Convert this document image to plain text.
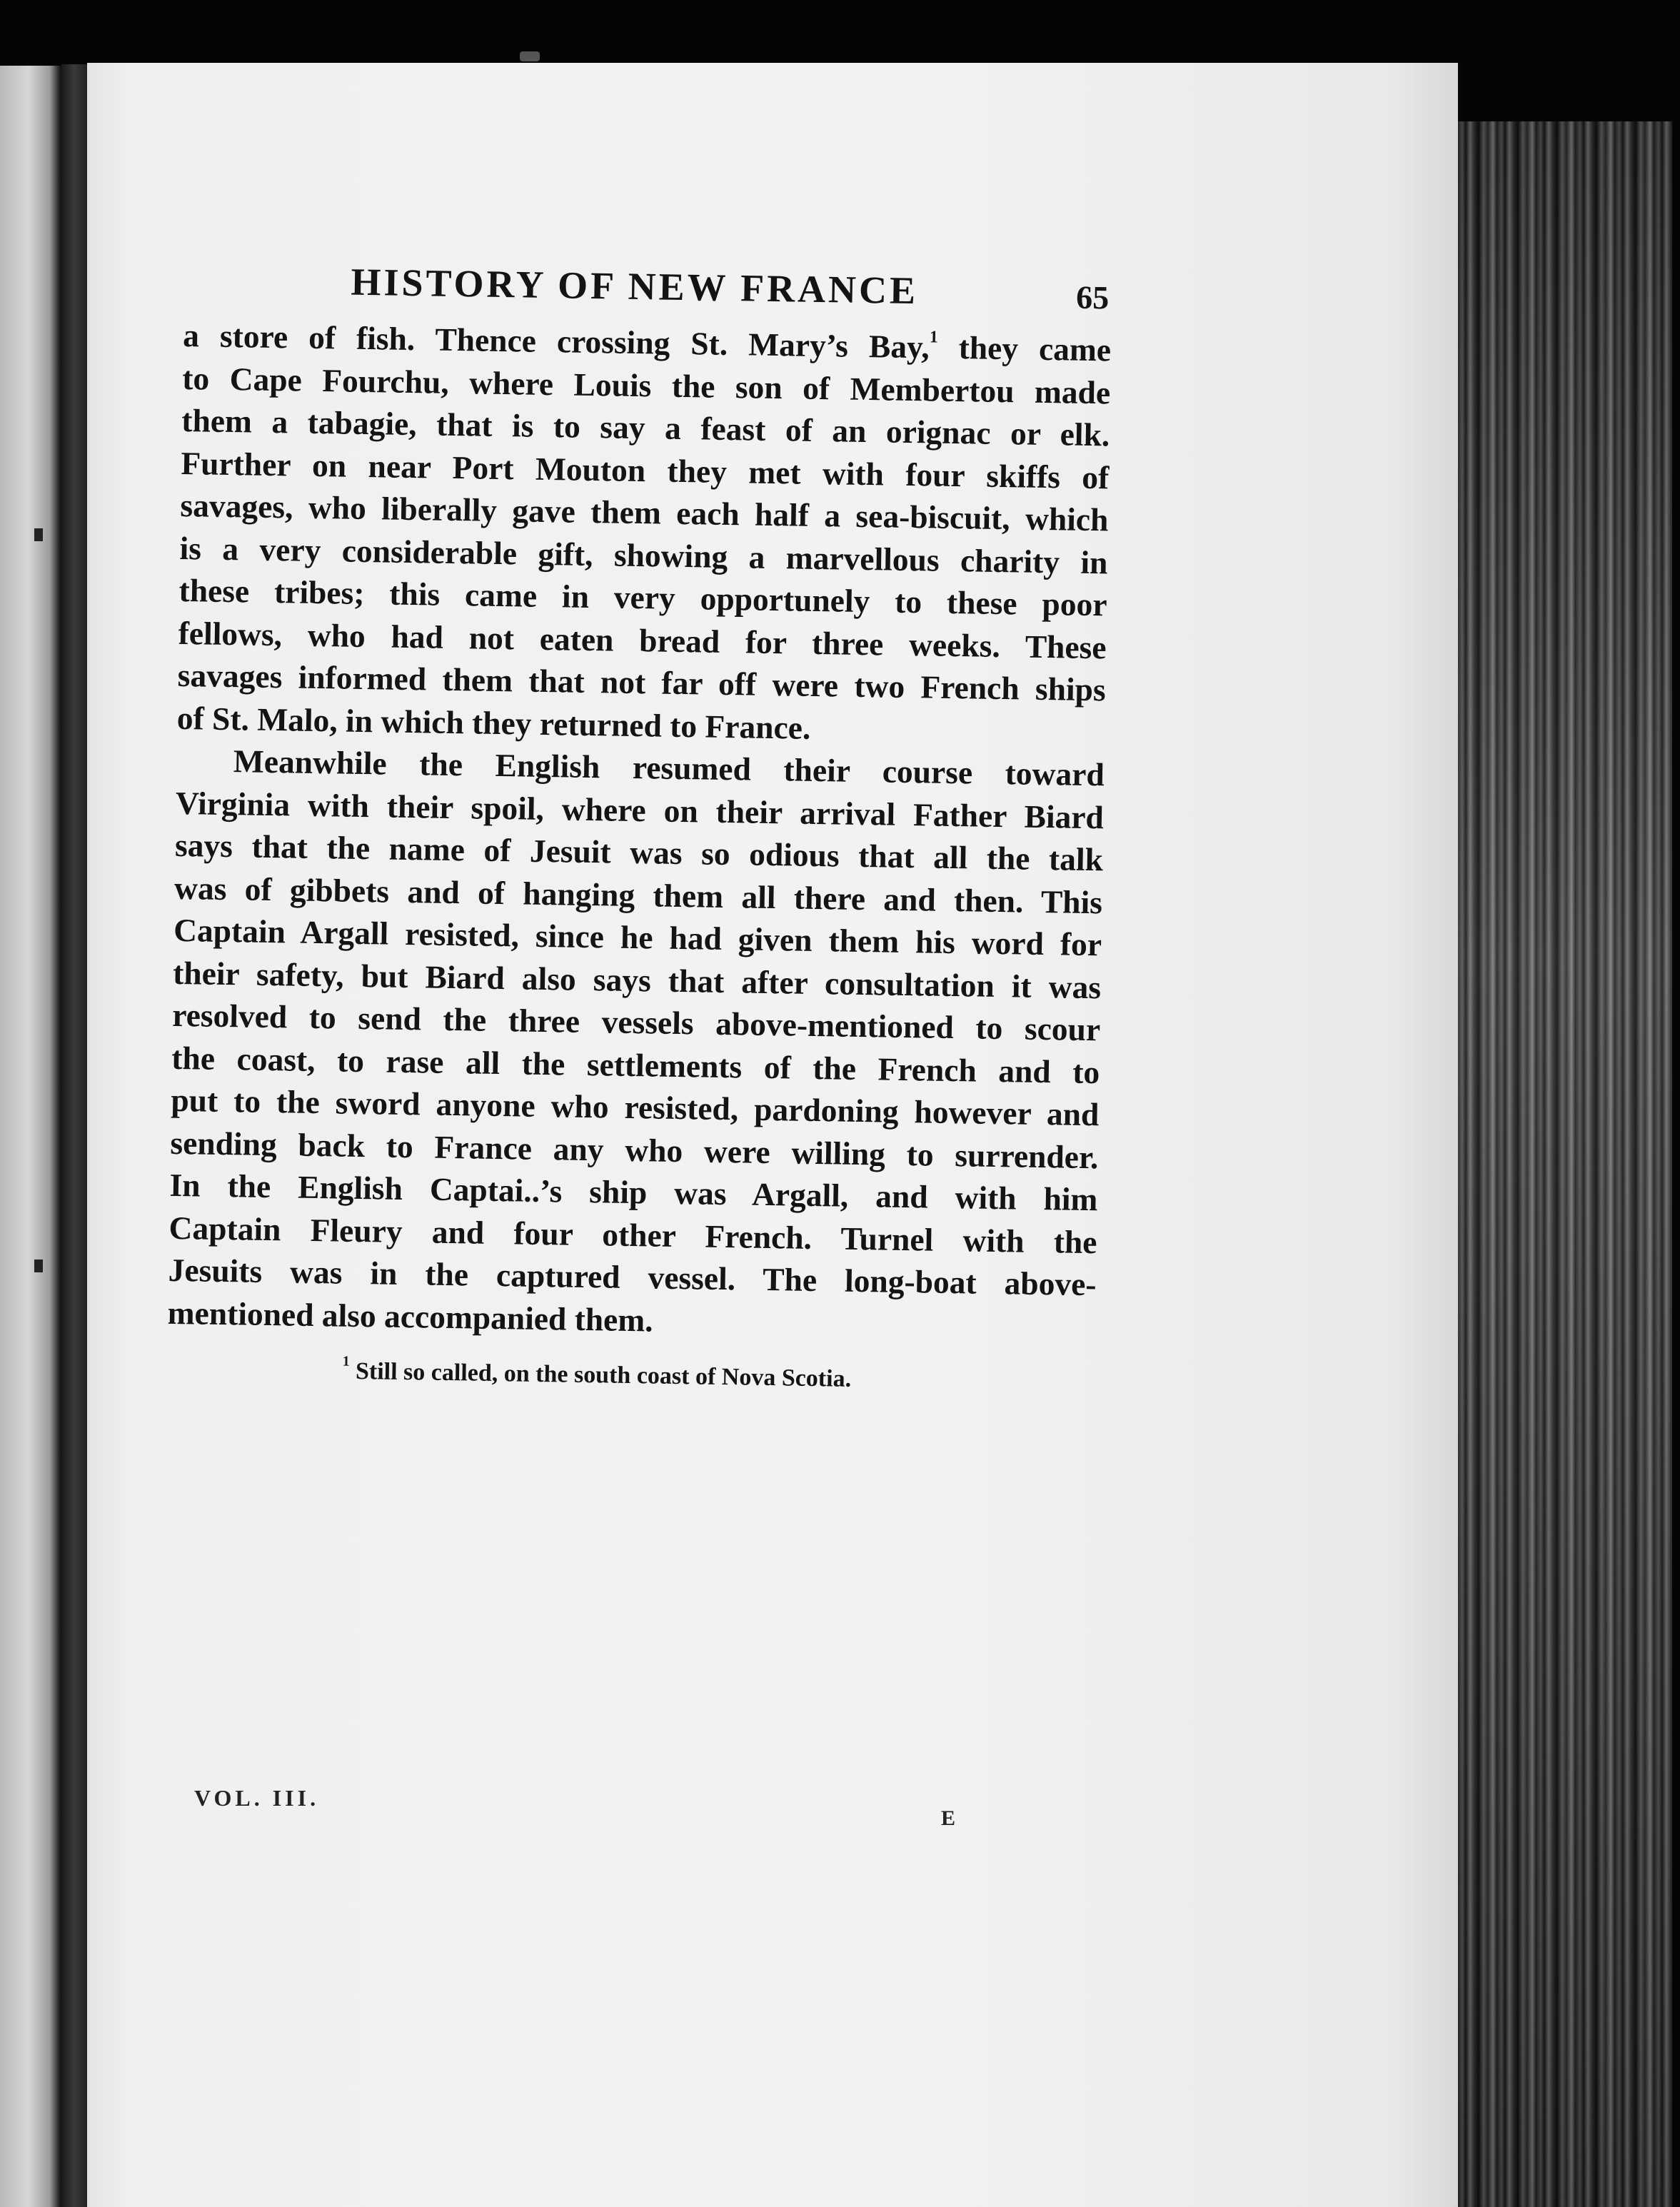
HISTORY OF NEW FRANCE	65
a store of fish. Thence crossing St. Mary’s Bay,$^1$ they came
to Cape Fourchu, where Louis the son of Membertou made
them a tabagie, that is to say a feast of an orignac or elk.
Further on near Port Mouton they met with four skiffs of
savages, who liberally gave them each half a sea-biscuit, which
is a very considerable gift, showing a marvellous charity in
these tribes; this came in very opportunely to these poor
fellows, who had not eaten bread for three weeks. These
savages informed them that not far off were two French ships
of St. Malo, in which they returned to France.
Meanwhile the English resumed their course toward
Virginia with their spoil, where on their arrival Father Biard
says that the name of Jesuit was so odious that all the talk
was of gibbets and of hanging them all there and then. This
Captain Argall resisted, since he had given them his word for
their safety, but Biard also says that after consultation it was
resolved to send the three vessels above-mentioned to scour
the coast, to rase all the settlements of the French and to
put to the sword anyone who resisted, pardoning however and
sending back to France any who were willing to surrender.
In the English Captai..’s ship was Argall, and with him
Captain Fleury and four other French. Turnel with the
Jesuits was in the captured vessel. The long-boat above-
mentioned also accompanied them.
$^1$ Still so called, on the south coast of Nova Scotia.
VOL. III.
E
